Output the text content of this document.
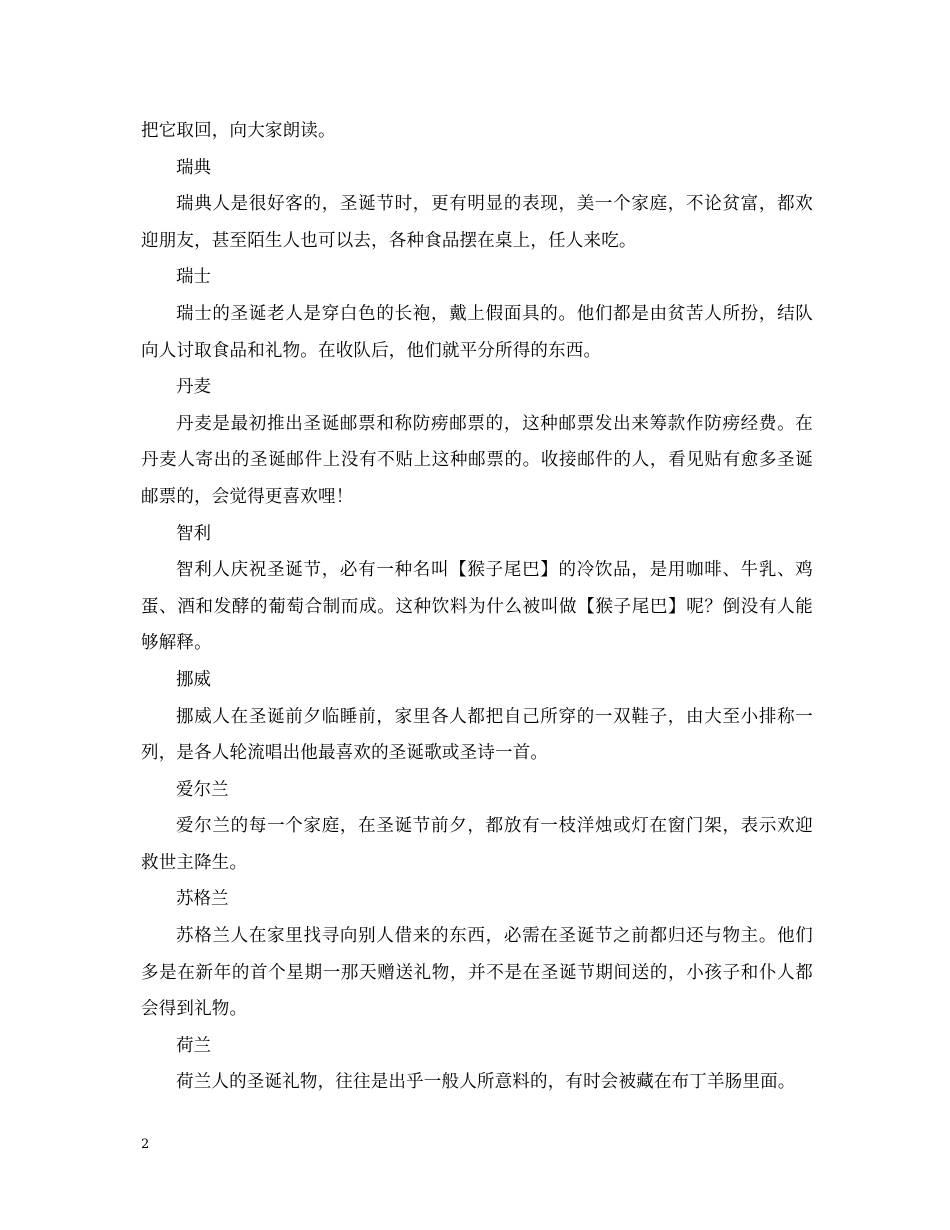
把它取回，向大家朗读。

瑞典

瑞典人是很好客的，圣诞节时，更有明显的表现，美一个家庭，不论贫富，都欢迎朋友，甚至陌生人也可以去，各种食品摆在桌上，任人来吃。

瑞士

瑞士的圣诞老人是穿白色的长袍，戴上假面具的。他们都是由贫苦人所扮，结队向人讨取食品和礼物。在收队后，他们就平分所得的东西。

丹麦

丹麦是最初推出圣诞邮票和称防痨邮票的，这种邮票发出来筹款作防痨经费。在丹麦人寄出的圣诞邮件上没有不贴上这种邮票的。收接邮件的人，看见贴有愈多圣诞邮票的，会觉得更喜欢哩！

智利

智利人庆祝圣诞节，必有一种名叫【猴子尾巴】的冷饮品，是用咖啡、牛乳、鸡蛋、酒和发酵的葡萄合制而成。这种饮料为什么被叫做【猴子尾巴】呢？倒没有人能够解释。

挪威

挪威人在圣诞前夕临睡前，家里各人都把自己所穿的一双鞋子，由大至小排称一列，是各人轮流唱出他最喜欢的圣诞歌或圣诗一首。

爱尔兰

爱尔兰的每一个家庭，在圣诞节前夕，都放有一枝洋烛或灯在窗门架，表示欢迎救世主降生。

苏格兰

苏格兰人在家里找寻向别人借来的东西，必需在圣诞节之前都归还与物主。他们多是在新年的首个星期一那天赠送礼物，并不是在圣诞节期间送的，小孩子和仆人都会得到礼物。

荷兰

荷兰人的圣诞礼物，往往是出乎一般人所意料的，有时会被藏在布丁羊肠里面。

2
